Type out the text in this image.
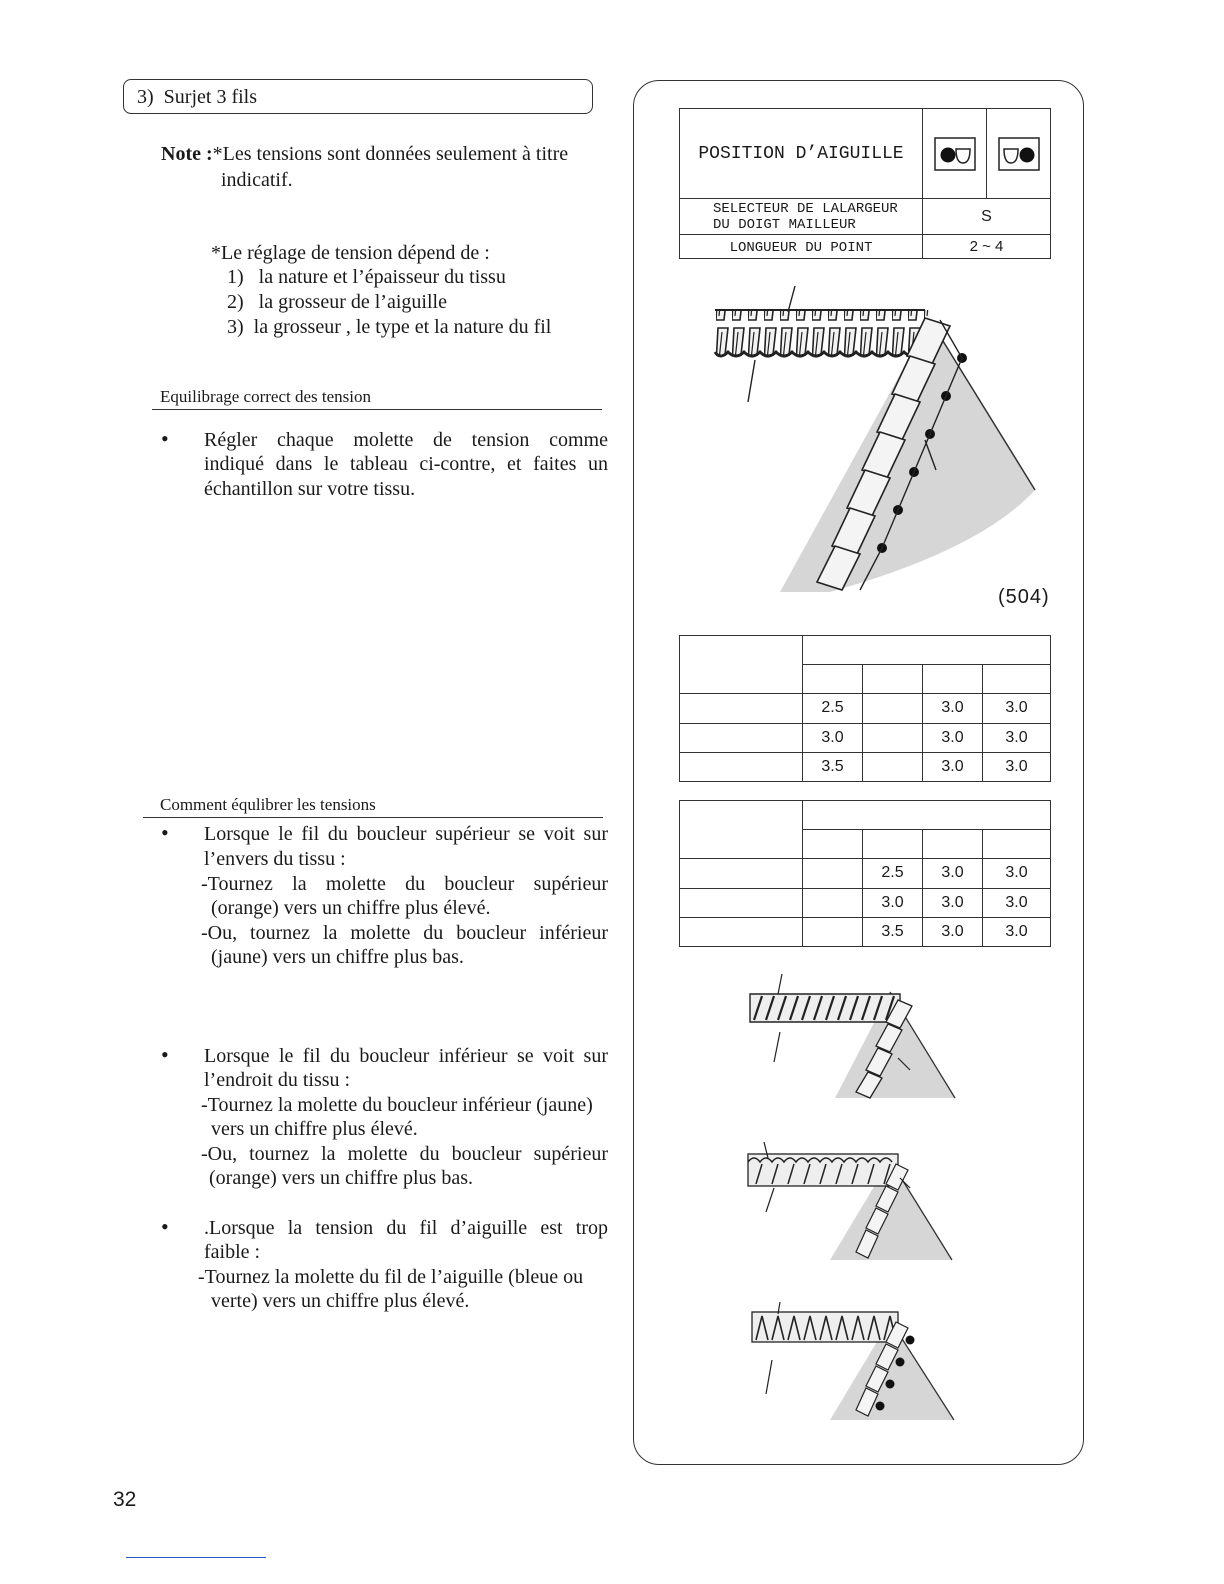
3) Surjet 3 fils
Note :*Les tensions sont données seulement à titre
indicatif.
*Le réglage de tension dépend de :
1) la nature et l’épaisseur du tissu
2) la grosseur de l’aiguille
3) la grosseur , le type et la nature du fil
Equilibrage correct des tension
• Régler chaque molette de tension comme
indiqué dans le tableau ci-contre, et faites un
échantillon sur votre tissu.
Comment équlibrer les tensions
• Lorsque le fil du boucleur supérieur se voit sur
l’envers du tissu :
-Tournez la molette du boucleur supérieur
(orange) vers un chiffre plus élevé.
-Ou, tournez la molette du boucleur inférieur
(jaune) vers un chiffre plus bas.
• Lorsque le fil du boucleur inférieur se voit sur
l’endroit du tissu :
-Tournez la molette du boucleur inférieur (jaune)
vers un chiffre plus élevé.
-Ou, tournez la molette du boucleur supérieur
(orange) vers un chiffre plus bas.
• .Lorsque la tension du fil d’aiguille est trop
faible :
-Tournez la molette du fil de l’aiguille (bleue ou
verte) vers un chiffre plus élevé.
32
POSITION D’AIGUILLE	

SELECTEUR DE LALARGEUR
DU DOIGT MAILLEUR	S
LONGUEUR DU POINT	2 ~ 4
(504)

	2.5		3.0	3.0
	3.0		3.0	3.0
	3.5		3.0	3.0

		2.5	3.0	3.0
		3.0	3.0	3.0
		3.5	3.0	3.0
